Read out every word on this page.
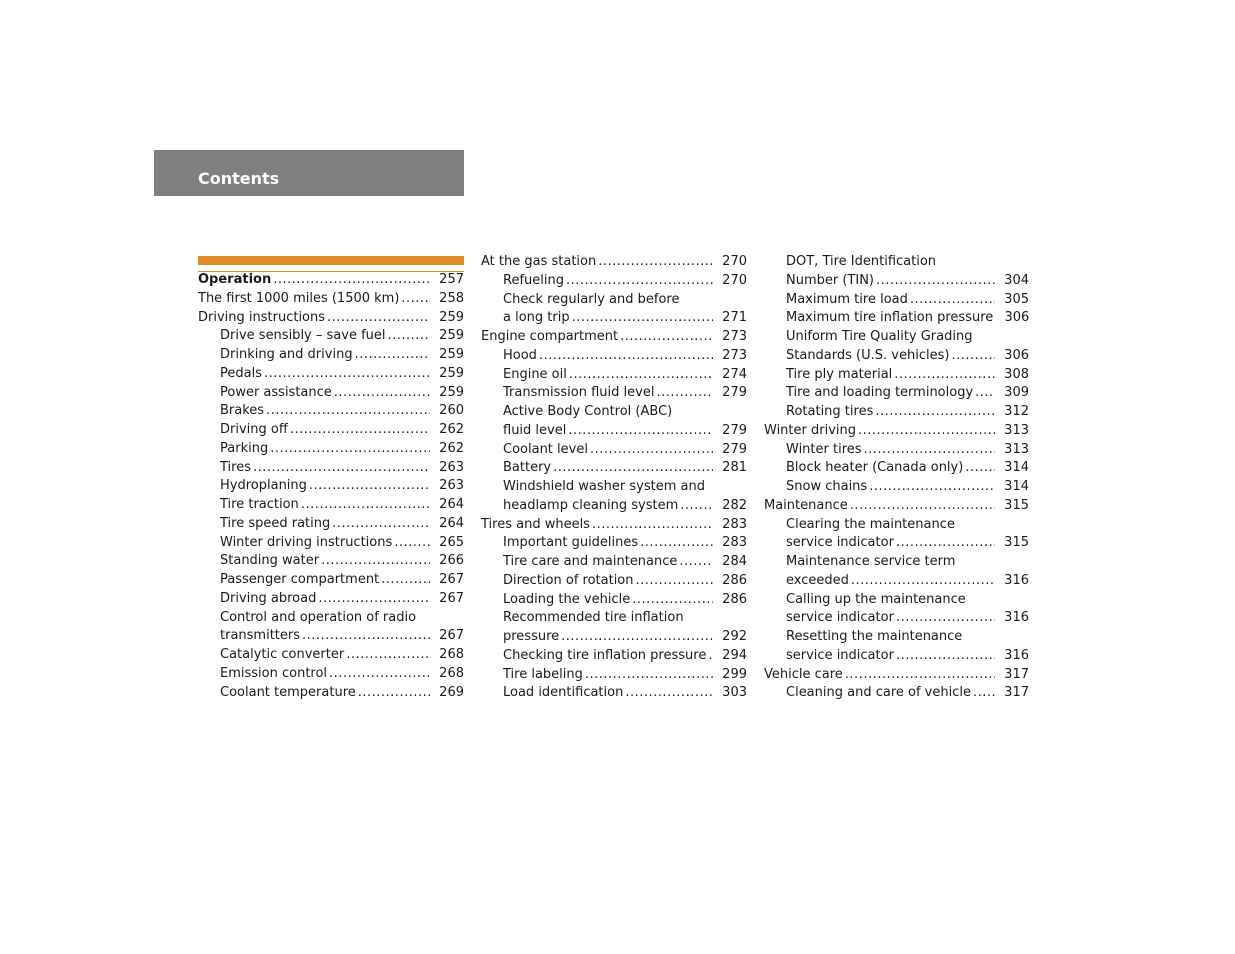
Contents
Operation .....	257
The first 1000 miles (1500 km) .....	258
Driving instructions .....	259
Drive sensibly – save fuel .....	259
Drinking and driving .....	259
Pedals .....	259
Power assistance .....	259
Brakes .....	260
Driving off .....	262
Parking .....	262
Tires .....	263
Hydroplaning .....	263
Tire traction .....	264
Tire speed rating .....	264
Winter driving instructions .....	265
Standing water .....	266
Passenger compartment .....	267
Driving abroad .....	267
Control and operation of radio
transmitters .....	267
Catalytic converter .....	268
Emission control .....	268
Coolant temperature .....	269
At the gas station .....	270
Refueling .....	270
Check regularly and before
a long trip .....	271
Engine compartment .....	273
Hood .....	273
Engine oil .....	274
Transmission fluid level .....	279
Active Body Control (ABC)
fluid level .....	279
Coolant level .....	279
Battery .....	281
Windshield washer system and
headlamp cleaning system .....	282
Tires and wheels .....	283
Important guidelines .....	283
Tire care and maintenance .....	284
Direction of rotation .....	286
Loading the vehicle .....	286
Recommended tire inflation
pressure .....	292
Checking tire inflation pressure .....	294
Tire labeling .....	299
Load identification .....	303
DOT, Tire Identification
Number (TIN) .....	304
Maximum tire load .....	305
Maximum tire inflation pressure 306
Uniform Tire Quality Grading
Standards (U.S. vehicles) .....	306
Tire ply material .....	308
Tire and loading terminology .....	309
Rotating tires .....	312
Winter driving .....	313
Winter tires .....	313
Block heater (Canada only) .....	314
Snow chains .....	314
Maintenance .....	315
Clearing the maintenance
service indicator .....	315
Maintenance service term
exceeded .....	316
Calling up the maintenance
service indicator .....	316
Resetting the maintenance
service indicator .....	316
Vehicle care .....	317
Cleaning and care of vehicle .....	317
